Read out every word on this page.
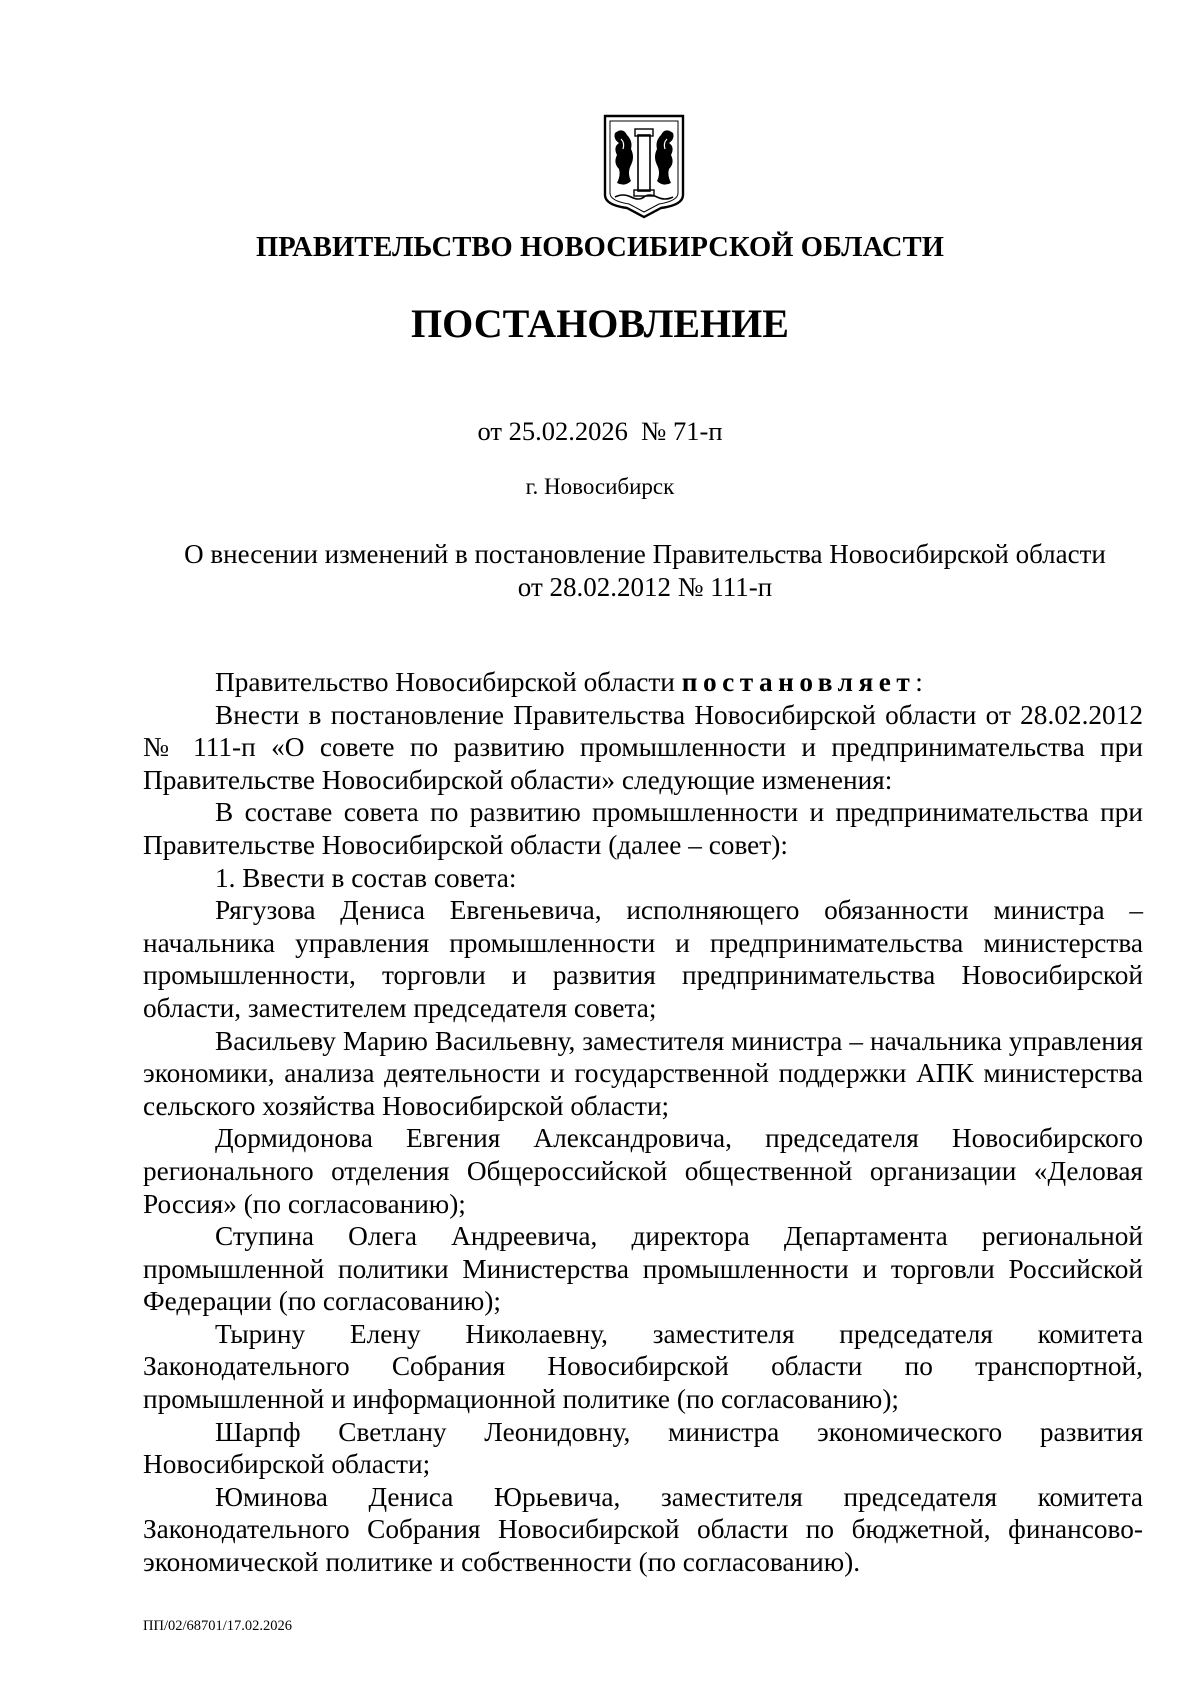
ПРАВИТЕЛЬСТВО НОВОСИБИРСКОЙ ОБЛАСТИ
ПОСТАНОВЛЕНИЕ
от 25.02.2026  № 71-п
г. Новосибирск
О внесении изменений в постановление Правительства Новосибирской области
от 28.02.2012 № 111-п

Правительство Новосибирской области постановляет:

Внести в постановление Правительства Новосибирской области от 28.02.2012 № 111-п «О совете по развитию промышленности и предпринимательства при Правительстве Новосибирской области» следующие изменения:

В составе совета по развитию промышленности и предпринимательства при Правительстве Новосибирской области (далее – совет):

1. Ввести в состав совета:

Рягузова Дениса Евгеньевича, исполняющего обязанности министра – начальника управления промышленности и предпринимательства министерства промышленности, торговли и развития предпринимательства Новосибирской области, заместителем председателя совета;

Васильеву Марию Васильевну, заместителя министра – начальника управления экономики, анализа деятельности и государственной поддержки АПК министерства сельского хозяйства Новосибирской области;

Дормидонова Евгения Александровича, председателя Новосибирского регионального отделения Общероссийской общественной организации «Деловая Россия» (по согласованию);

Ступина Олега Андреевича, директора Департамента региональной промышленной политики Министерства промышленности и торговли Российской Федерации (по согласованию);

Тырину Елену Николаевну, заместителя председателя комитета Законодательного Собрания Новосибирской области по транспортной, промышленной и информационной политике (по согласованию);

Шарпф Светлану Леонидовну, министра экономического развития Новосибирской области;

Юминова Дениса Юрьевича, заместителя председателя комитета Законодательного Собрания Новосибирской области по бюджетной, финансово-экономической политике и собственности (по согласованию).

ПП/02/68701/17.02.2026
